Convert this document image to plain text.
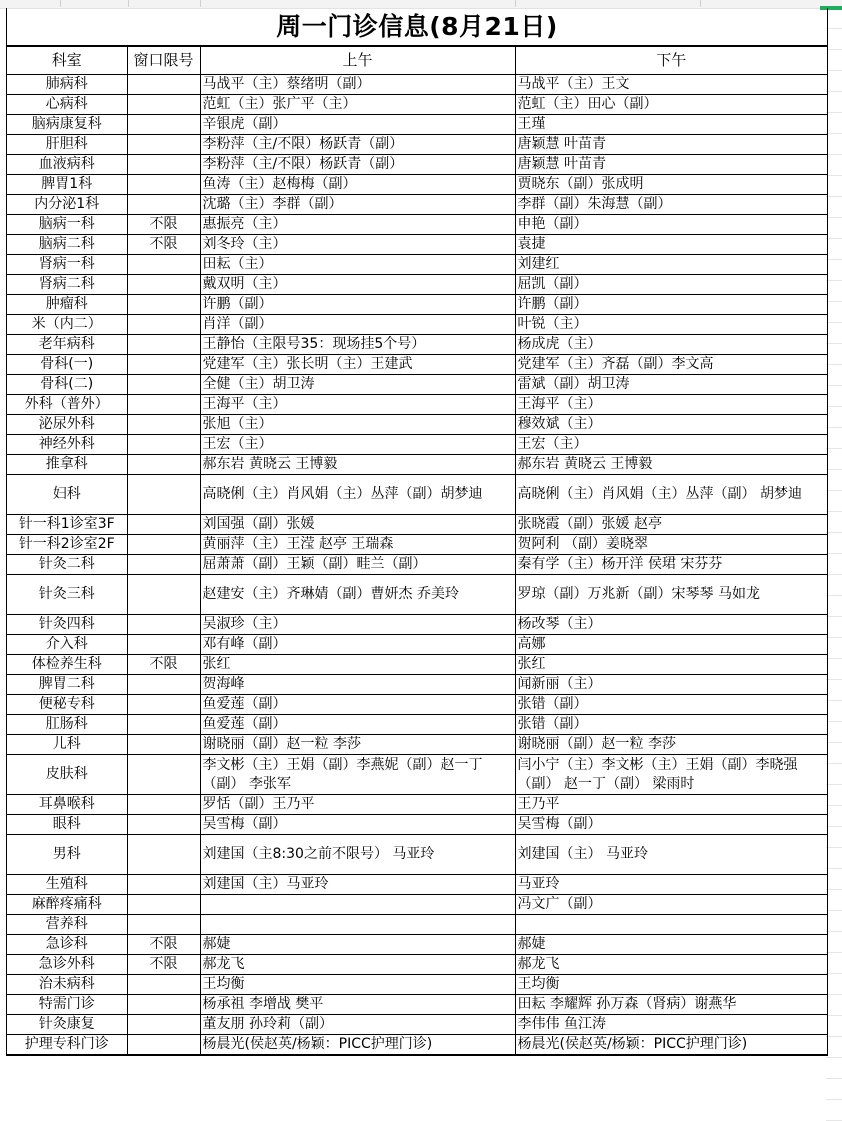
周一门诊信息(8月21日)
科室	窗口限号	上午	下午
肺病科		马战平（主）蔡绪明（副）	马战平（主）王文
心病科		范虹（主）张广平（主）	范虹（主）田心（副）
脑病康复科		辛银虎（副）	王瑾
肝胆科		李粉萍（主/不限）杨跃青（副）	唐颖慧 叶苗青
血液病科		李粉萍（主/不限）杨跃青（副）	唐颖慧 叶苗青
脾胃1科		鱼涛（主）赵梅梅（副）	贾晓东（副）张成明
内分泌1科		沈璐（主）李群（副）	李群（副）朱海慧（副）
脑病一科	不限	惠振亮（主）	申艳（副）
脑病二科	不限	刘冬玲（主）	袁捷
肾病一科		田耘（主）	刘建红
肾病二科		戴双明（主）	屈凯（副）
肿瘤科		许鹏（副）	许鹏（副）
米（内二）		肖洋（副）	叶锐（主）
老年病科		王静怡（主限号35：现场挂5个号）	杨成虎（主）
骨科(一)		党建军（主）张长明（主）王建武	党建军（主）齐磊（副）李文高
骨科(二)		全健（主）胡卫涛	雷斌（副）胡卫涛
外科（普外）		王海平（主）	王海平（主）
泌尿外科		张旭（主）	穆效斌（主）
神经外科		王宏（主）	王宏（主）
推拿科		郝东岩 黄晓云 王博毅	郝东岩 黄晓云 王博毅
妇科		高晓俐（主）肖风娟（主）丛萍（副）胡梦迪	高晓俐（主）肖风娟（主）丛萍（副） 胡梦迪
针一科1诊室3F		刘国强（副）张媛	张晓霞（副）张媛 赵亭
针一科2诊室2F		黄丽萍（主）王滢 赵亭 王瑞森	贺阿利 （副）姜晓翠
针灸二科		屈萧萧（副）王颖（副）畦兰（副）	秦有学（主）杨开洋 侯珺 宋芬芬
针灸三科		赵建安（主）齐琳婧（副）曹妍杰 乔美玲	罗琼（副）万兆新（副）宋琴琴 马如龙
针灸四科		吴淑珍（主）	杨改琴（主）
介入科		邓有峰（副）	高娜
体检养生科	不限	张红	张红
脾胃二科		贺海峰	闻新丽（主）
便秘专科		鱼爱莲（副）	张错（副）
肛肠科		鱼爱莲（副）	张错（副）
儿科		谢晓丽（副）赵一粒 李莎	谢晓丽（副）赵一粒 李莎
皮肤科		李文彬（主）王娟（副）李燕妮（副）赵一丁（副） 李张军	闫小宁（主）李文彬（主）王娟（副）李晓强（副） 赵一丁（副） 梁雨时
耳鼻喉科		罗恬（副）王乃平	王乃平
眼科		吴雪梅（副）	吴雪梅（副）
男科		刘建国（主8:30之前不限号） 马亚玲	刘建国（主） 马亚玲
生殖科		刘建国（主）马亚玲	马亚玲
麻醉疼痛科			冯文广（副）
营养科			
急诊科	不限	郝婕	郝婕
急诊外科	不限	郝龙飞	郝龙飞
治未病科		王均衡	王均衡
特需门诊		杨承祖 李增战 樊平	田耘 李耀辉 孙万森（肾病）谢燕华
针灸康复		董友朋 孙玲莉（副）	李伟伟 鱼江涛
护理专科门诊		杨晨光(侯赵英/杨颖：PICC护理门诊)	杨晨光(侯赵英/杨颖：PICC护理门诊)
